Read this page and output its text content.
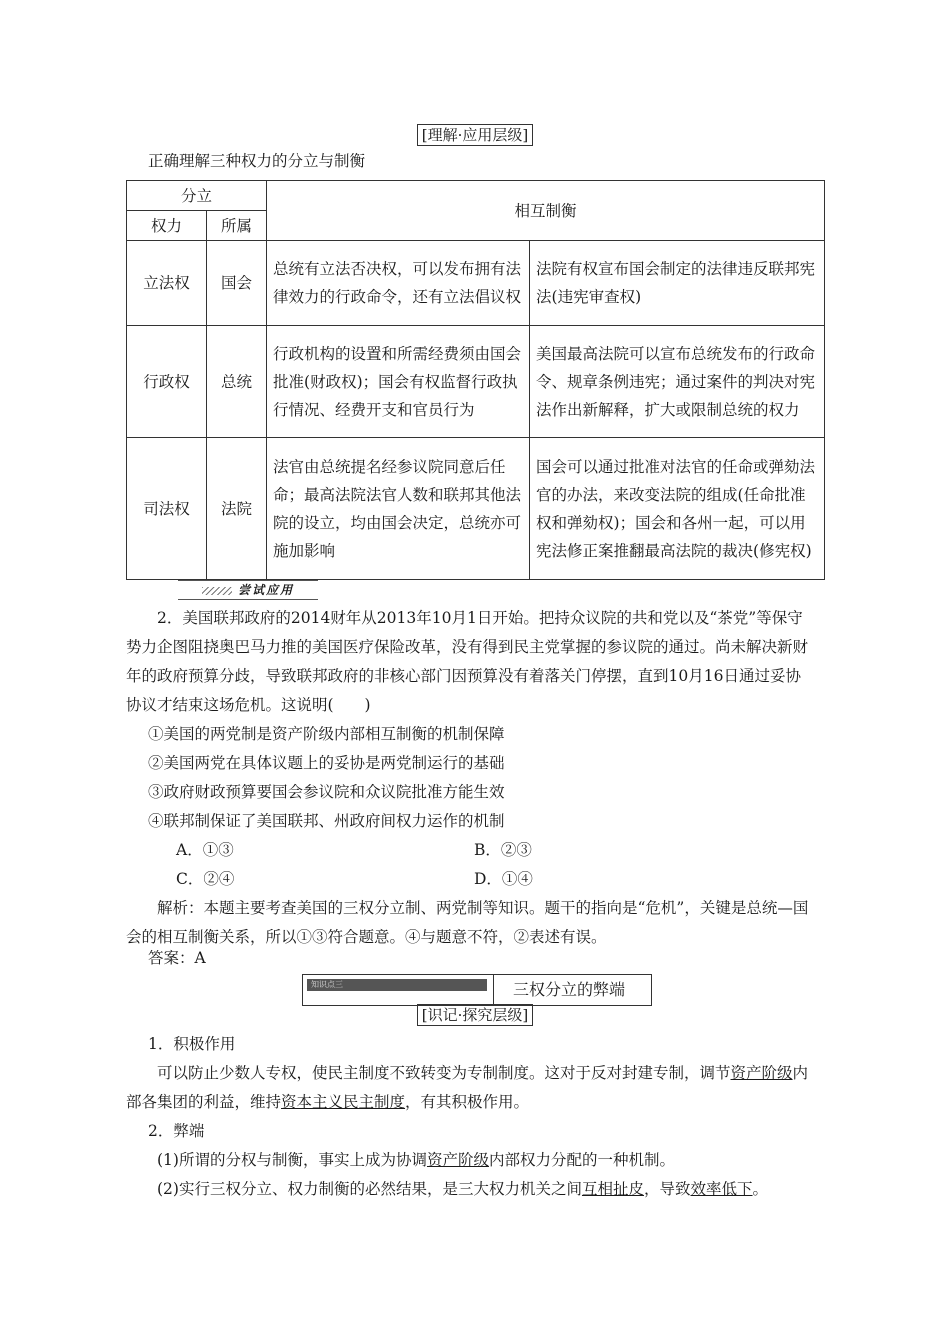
[理解·应用层级]
正确理解三种权力的分立与制衡
分立		相互制衡	
权力	所属		
立法权	国会	总统有立法否决权，可以发布拥有法律效力的行政命令，还有立法倡议权	法院有权宣布国会制定的法律违反联邦宪法(违宪审查权)
行政权	总统	行政机构的设置和所需经费须由国会批准(财政权)；国会有权监督行政执行情况、经费开支和官员行为	美国最高法院可以宣布总统发布的行政命令、规章条例违宪；通过案件的判决对宪法作出新解释，扩大或限制总统的权力
司法权	法院	法官由总统提名经参议院同意后任命；最高法院法官人数和联邦其他法院的设立，均由国会决定，总统亦可施加影响	国会可以通过批准对法官的任命或弹劾法官的办法，来改变法院的组成(任命批准权和弹劾权)；国会和各州一起，可以用宪法修正案推翻最高法院的裁决(修宪权)
尝试应用
2．美国联邦政府的2014财年从2013年10月1日开始。把持众议院的共和党以及“茶党”等保守势力企图阻挠奥巴马力推的美国医疗保险改革，没有得到民主党掌握的参议院的通过。尚未解决新财年的政府预算分歧，导致联邦政府的非核心部门因预算没有着落关门停摆，直到10月16日通过妥协协议才结束这场危机。这说明(　　)
①美国的两党制是资产阶级内部相互制衡的机制保障
②美国两党在具体议题上的妥协是两党制运行的基础
③政府财政预算要国会参议院和众议院批准方能生效
④联邦制保证了美国联邦、州政府间权力运作的机制
A．①③	B．②③
C．②④	D．①④
解析：本题主要考查美国的三权分立制、两党制等知识。题干的指向是“危机”，关键是总统—国会的相互制衡关系，所以①③符合题意。④与题意不符，②表述有误。
答案：A
知识点三	三权分立的弊端
[识记·探究层级]
1．积极作用
可以防止少数人专权，使民主制度不致转变为专制制度。这对于反对封建专制，调节资产阶级内部各集团的利益，维持资本主义民主制度，有其积极作用。
2．弊端
(1)所谓的分权与制衡，事实上成为协调资产阶级内部权力分配的一种机制。
(2)实行三权分立、权力制衡的必然结果，是三大权力机关之间互相扯皮，导致效率低下。
